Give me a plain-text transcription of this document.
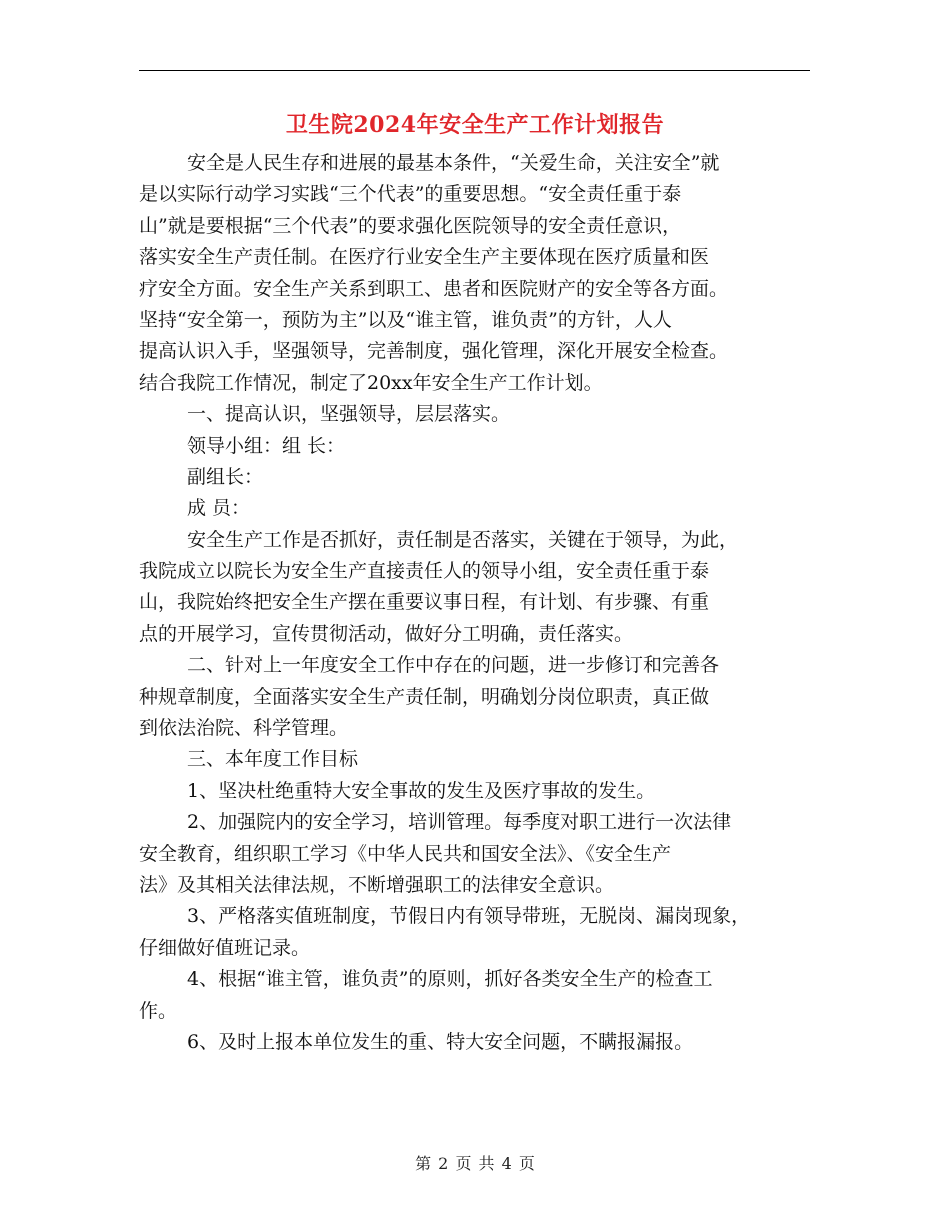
卫生院2024年安全生产工作计划报告
安全是人民生存和进展的最基本条件，“关爱生命，关注安全”就
是以实际行动学习实践“三个代表”的重要思想。“安全责任重于泰
山”就是要根据“三个代表”的要求强化医院领导的安全责任意识，
落实安全生产责任制。在医疗行业安全生产主要体现在医疗质量和医
疗安全方面。安全生产关系到职工、患者和医院财产的安全等各方面。
坚持“安全第一，预防为主”以及“谁主管，谁负责”的方针，人人
提高认识入手，坚强领导，完善制度，强化管理，深化开展安全检查。
结合我院工作情况，制定了20xx年安全生产工作计划。
一、提高认识，坚强领导，层层落实。
领导小组：组 长：
副组长：
成 员：
安全生产工作是否抓好，责任制是否落实，关键在于领导，为此，
我院成立以院长为安全生产直接责任人的领导小组，安全责任重于泰
山，我院始终把安全生产摆在重要议事日程，有计划、有步骤、有重
点的开展学习，宣传贯彻活动，做好分工明确，责任落实。
二、针对上一年度安全工作中存在的问题，进一步修订和完善各
种规章制度，全面落实安全生产责任制，明确划分岗位职责，真正做
到依法治院、科学管理。
三、本年度工作目标
1、坚决杜绝重特大安全事故的发生及医疗事故的发生。
2、加强院内的安全学习，培训管理。每季度对职工进行一次法律
安全教育，组织职工学习《中华人民共和国安全法》、《安全生产
法》及其相关法律法规，不断增强职工的法律安全意识。
3、严格落实值班制度，节假日内有领导带班，无脱岗、漏岗现象，
仔细做好值班记录。
4、根据“谁主管，谁负责”的原则，抓好各类安全生产的检查工
作。
6、及时上报本单位发生的重、特大安全问题，不瞒报漏报。
第 2 页 共 4 页
